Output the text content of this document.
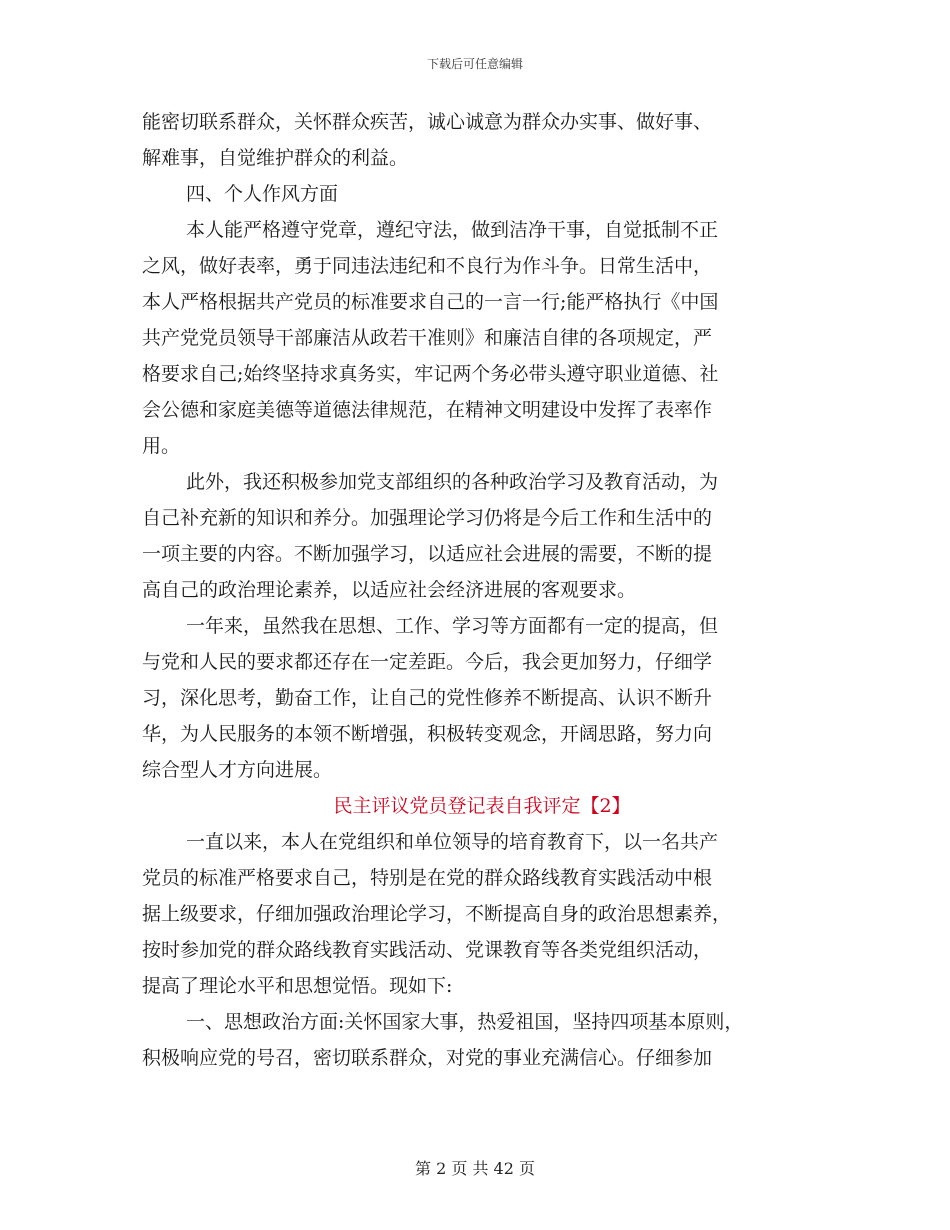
下载后可任意编辑
能密切联系群众，关怀群众疾苦，诚心诚意为群众办实事、做好事、
解难事，自觉维护群众的利益。
四、个人作风方面
本人能严格遵守党章，遵纪守法，做到洁净干事，自觉抵制不正
之风，做好表率，勇于同违法违纪和不良行为作斗争。日常生活中，
本人严格根据共产党员的标准要求自己的一言一行;能严格执行《中国
共产党党员领导干部廉洁从政若干准则》和廉洁自律的各项规定，严
格要求自己;始终坚持求真务实，牢记两个务必带头遵守职业道德、社
会公德和家庭美德等道德法律规范，在精神文明建设中发挥了表率作
用。
此外，我还积极参加党支部组织的各种政治学习及教育活动，为
自己补充新的知识和养分。加强理论学习仍将是今后工作和生活中的
一项主要的内容。不断加强学习，以适应社会进展的需要，不断的提
高自己的政治理论素养，以适应社会经济进展的客观要求。
一年来，虽然我在思想、工作、学习等方面都有一定的提高，但
与党和人民的要求都还存在一定差距。今后，我会更加努力，仔细学
习，深化思考，勤奋工作，让自己的党性修养不断提高、认识不断升
华，为人民服务的本领不断增强，积极转变观念，开阔思路，努力向
综合型人才方向进展。
民主评议党员登记表自我评定【2】
一直以来，本人在党组织和单位领导的培育教育下，以一名共产
党员的标准严格要求自己，特别是在党的群众路线教育实践活动中根
据上级要求，仔细加强政治理论学习，不断提高自身的政治思想素养，
按时参加党的群众路线教育实践活动、党课教育等各类党组织活动，
提高了理论水平和思想觉悟。现如下:
一、思想政治方面:关怀国家大事，热爱祖国，坚持四项基本原则，
积极响应党的号召，密切联系群众，对党的事业充满信心。仔细参加
第 2 页 共 42 页
